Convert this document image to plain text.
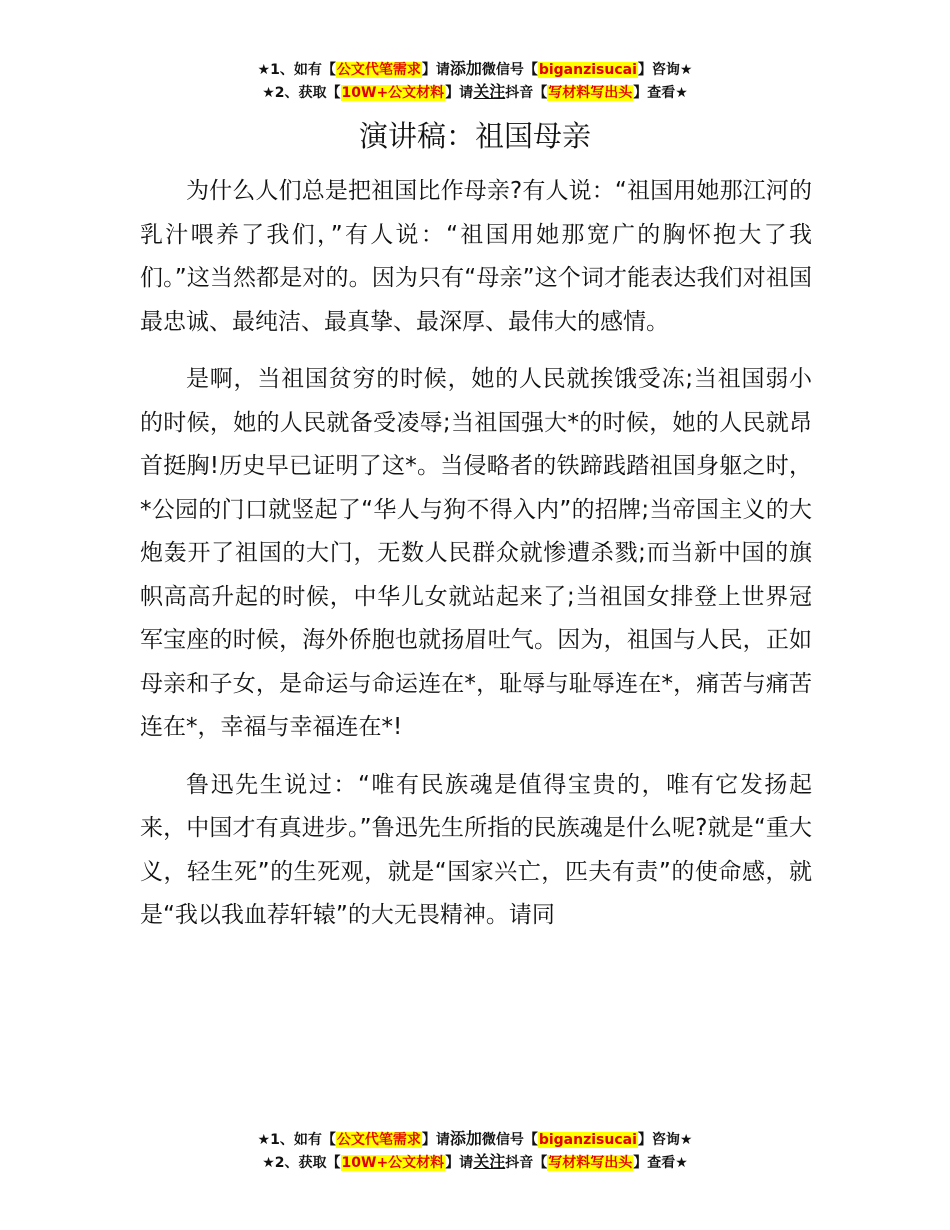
★1、如有【公文代笔需求】请添加微信号【biganzisucai】咨询★
★2、获取【10W+公文材料】请关注抖音【写材料写出头】查看★
演讲稿：祖国母亲

为什么人们总是把祖国比作母亲?有人说：“祖国用她那江河的乳汁喂养了我们，”有人说：“祖国用她那宽广的胸怀抱大了我们。”这当然都是对的。因为只有“母亲”这个词才能表达我们对祖国最忠诚、最纯洁、最真挚、最深厚、最伟大的感情。

是啊，当祖国贫穷的时候，她的人民就挨饿受冻;当祖国弱小的时候，她的人民就备受凌辱;当祖国强大*的时候，她的人民就昂首挺胸!历史早已证明了这*。当侵略者的铁蹄践踏祖国身躯之时，*公园的门口就竖起了“华人与狗不得入内”的招牌;当帝国主义的大炮轰开了祖国的大门，无数人民群众就惨遭杀戮;而当新中国的旗帜高高升起的时候，中华儿女就站起来了;当祖国女排登上世界冠军宝座的时候，海外侨胞也就扬眉吐气。因为，祖国与人民，正如母亲和子女，是命运与命运连在*，耻辱与耻辱连在*，痛苦与痛苦连在*，幸福与幸福连在*!

鲁迅先生说过：“唯有民族魂是值得宝贵的，唯有它发扬起来，中国才有真进步。”鲁迅先生所指的民族魂是什么呢?就是“重大义，轻生死”的生死观，就是“国家兴亡，匹夫有责”的使命感，就是“我以我血荐轩辕”的大无畏精神。请同

★1、如有【公文代笔需求】请添加微信号【biganzisucai】咨询★
★2、获取【10W+公文材料】请关注抖音【写材料写出头】查看★
